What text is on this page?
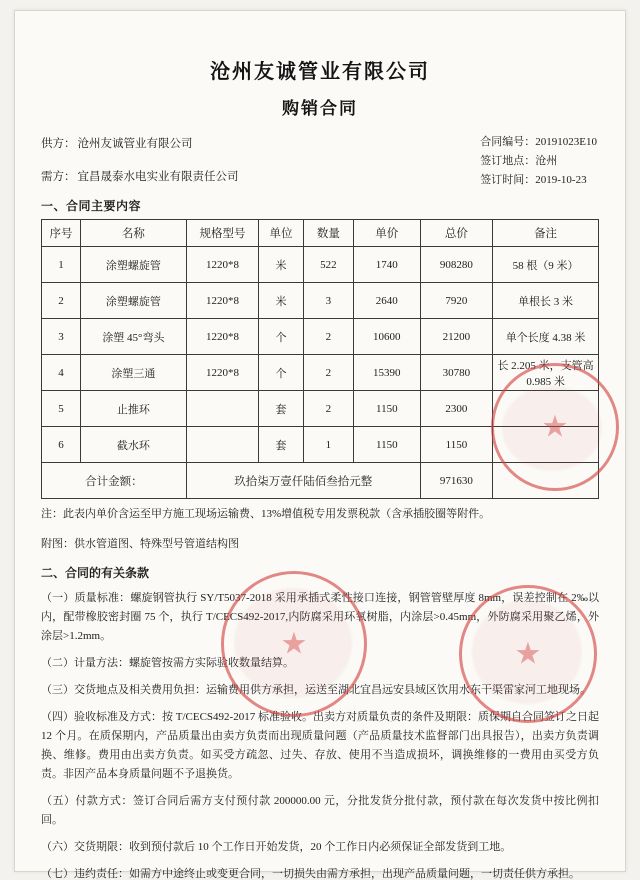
沧州友诚管业有限公司
购销合同
供方： 沧州友诚管业有限公司
需方： 宜昌晟泰水电实业有限责任公司
合同编号：20191023E10
签订地点：沧州
签订时间：2019-10-23
一、合同主要内容
序号	名称	规格型号	单位	数量	单价	总价	备注
1	涂塑螺旋管	1220*8	米	522	1740	908280	58 根（9 米）
2	涂塑螺旋管	1220*8	米	3	2640	7920	单根长 3 米
3	涂塑 45°弯头	1220*8	个	2	10600	21200	单个长度 4.38 米
4	涂塑三通	1220*8	个	2	15390	30780	长 2.205 米，支管高 0.985 米
5	止推环		套	2	1150	2300	
6	截水环		套	1	1150	1150	
合计金额：		玖拾柒万壹仟陆佰叁拾元整				971630	
注：此表内单价含运至甲方施工现场运输费、13%增值税专用发票税款（含承插胶圈等附件。
附图：供水管道图、特殊型号管道结构图
二、合同的有关条款
（一）质量标准：螺旋钢管执行 SY/T5037-2018 采用承插式柔性接口连接，钢管管壁厚度 8mm，误差控制在 2‰以内，配带橡胶密封圈 75 个，执行 T/CECS492-2017,内防腐采用环氧树脂，内涂层>0.45mm，外防腐采用聚乙烯，外涂层>1.2mm。
（二）计量方法：螺旋管按需方实际验收数量结算。
（三）交货地点及相关费用负担：运输费用供方承担，运送至湖北宜昌远安县域区饮用水东干渠雷家河工地现场。
（四）验收标准及方式：按 T/CECS492-2017 标准验收。出卖方对质量负责的条件及期限：质保期自合同签订之日起 12 个月。在质保期内，产品质量出由卖方负责而出现质量问题（产品质量技术监督部门出具报告），出卖方负责调换、维修。费用由出卖方负责。如买受方疏忽、过失、存放、使用不当造成损坏，调换维修的一费用由买受方负责。非因产品本身质量问题不予退换货。
（五）付款方式：签订合同后需方支付预付款 200000.00 元，分批发货分批付款，预付款在每次发货中按比例扣回。
（六）交货期限：收到预付款后 10 个工作日开始发货，20 个工作日内必须保证全部发货到工地。
（七）违约责任：如需方中途终止或变更合同，一切损失由需方承担，出现产品质量问题，一切责任供方承担。
★
★	★
